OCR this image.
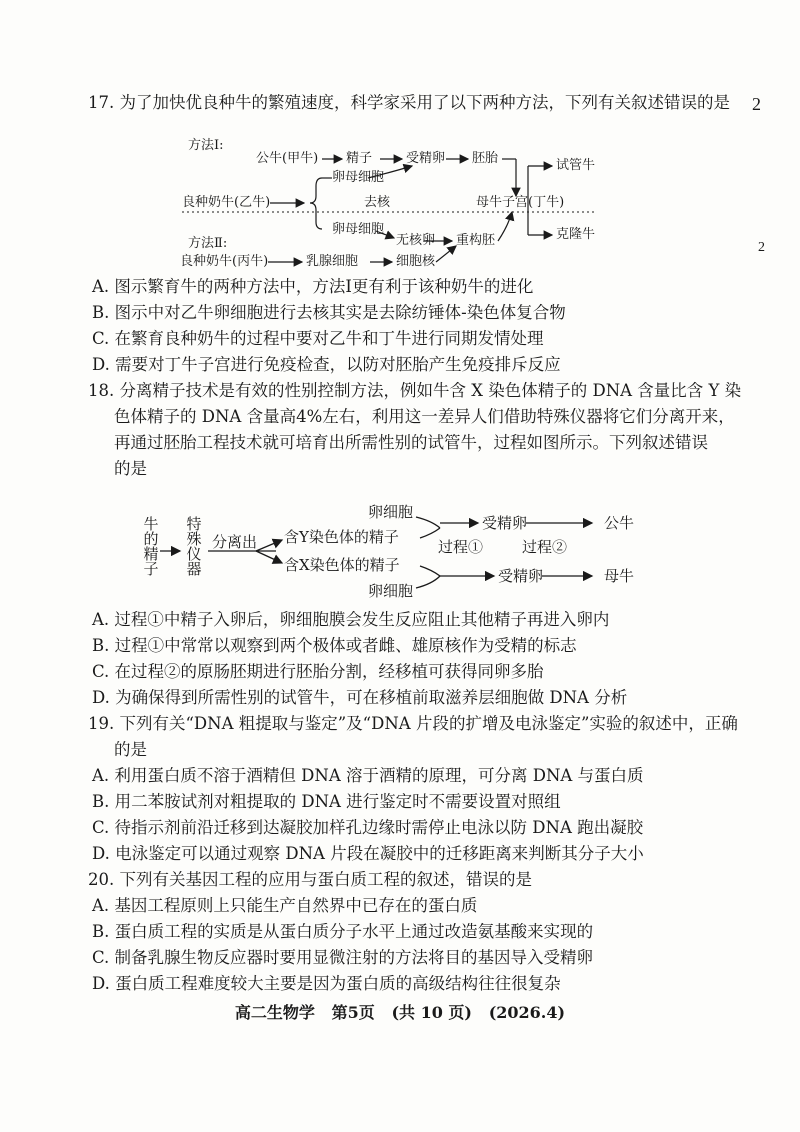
2
2
17. 为了加快优良种牛的繁殖速度，科学家采用了以下两种方法，下列有关叙述错误的是
方法Ⅰ:
公牛(甲牛) 精子	受精卵 胚胎	试管牛
卵母细胞
良种奶牛(乙牛)	去核	母牛子宫(丁牛)
卵母细胞	克隆牛
方法Ⅱ:	无核卵 重构胚
良种奶牛(丙牛)	乳腺细胞	细胞核
A. 图示繁育牛的两种方法中，方法Ⅰ更有利于该种奶牛的进化
B. 图示中对乙牛卵细胞进行去核其实是去除纺锤体-染色体复合物
C. 在繁育良种奶牛的过程中要对乙牛和丁牛进行同期发情处理
D. 需要对丁牛子宫进行免疫检查，以防对胚胎产生免疫排斥反应
18. 分离精子技术是有效的性别控制方法，例如牛含 X 染色体精子的 DNA 含量比含 Y 染
色体精子的 DNA 含量高4%左右，利用这一差异人们借助特殊仪器将它们分离开来，
再通过胚胎工程技术就可培育出所需性别的试管牛，过程如图所示。下列叙述错误
的是
牛的精子
特殊仪器
分离出 含Y染色体的精子
含X染色体的精子
卵细胞
卵细胞
过程①
受精卵
过程②
公牛
受精卵	母牛
A. 过程①中精子入卵后，卵细胞膜会发生反应阻止其他精子再进入卵内
B. 过程①中常常以观察到两个极体或者雌、雄原核作为受精的标志
C. 在过程②的原肠胚期进行胚胎分割，经移植可获得同卵多胎
D. 为确保得到所需性别的试管牛，可在移植前取滋养层细胞做 DNA 分析
19. 下列有关“DNA 粗提取与鉴定”及“DNA 片段的扩增及电泳鉴定”实验的叙述中，正确
的是
A. 利用蛋白质不溶于酒精但 DNA 溶于酒精的原理，可分离 DNA 与蛋白质
B. 用二苯胺试剂对粗提取的 DNA 进行鉴定时不需要设置对照组
C. 待指示剂前沿迁移到达凝胶加样孔边缘时需停止电泳以防 DNA 跑出凝胶
D. 电泳鉴定可以通过观察 DNA 片段在凝胶中的迁移距离来判断其分子大小
20. 下列有关基因工程的应用与蛋白质工程的叙述，错误的是
A. 基因工程原则上只能生产自然界中已存在的蛋白质
B. 蛋白质工程的实质是从蛋白质分子水平上通过改造氨基酸来实现的
C. 制备乳腺生物反应器时要用显微注射的方法将目的基因导入受精卵
D. 蛋白质工程难度较大主要是因为蛋白质的高级结构往往很复杂
高二生物学   第5页   (共 10 页)   (2026.4)
